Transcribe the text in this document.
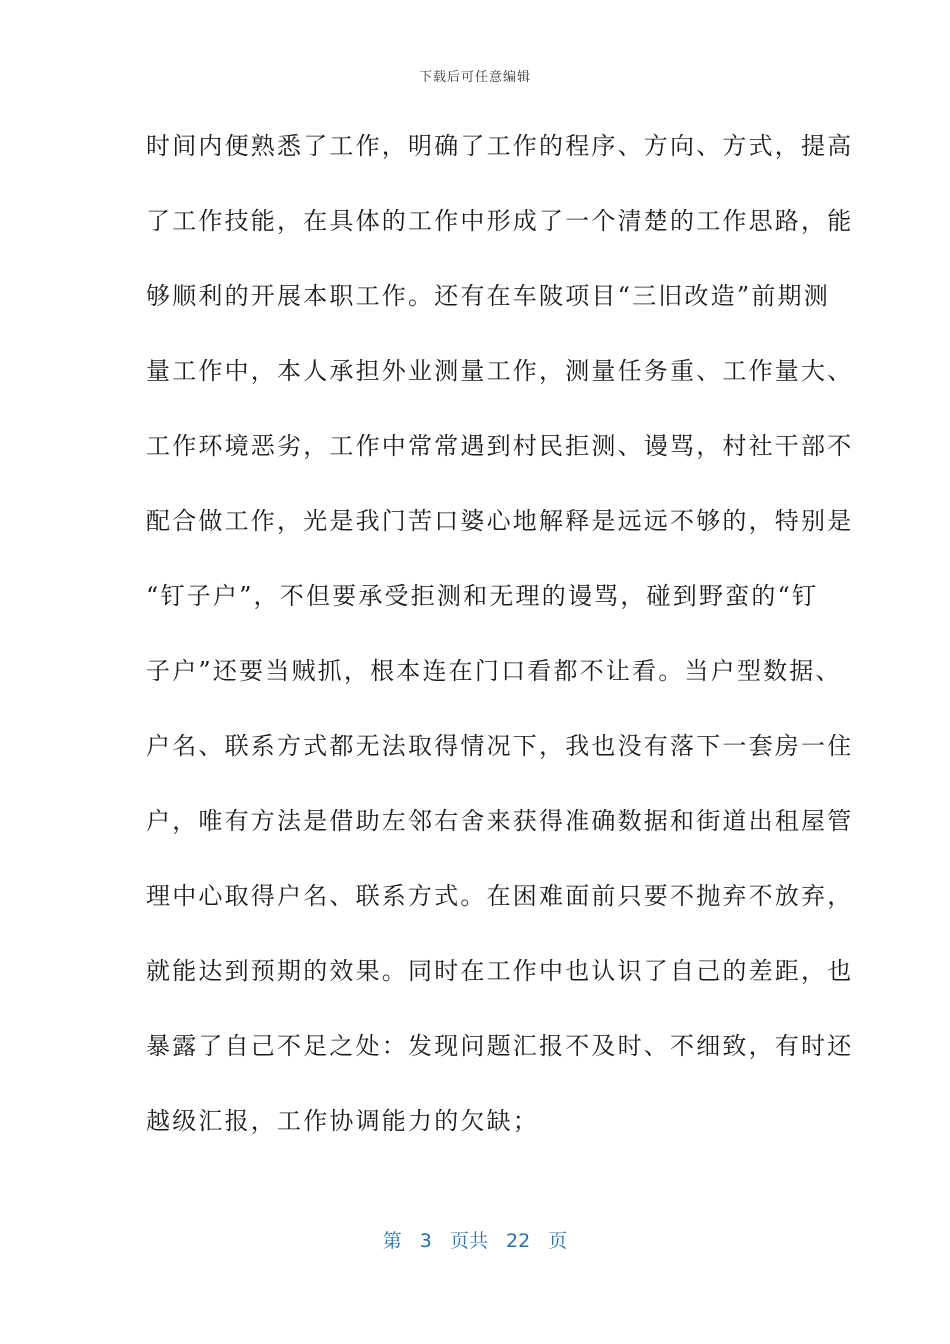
下载后可任意编辑
时间内便熟悉了工作，明确了工作的程序、方向、方式，提高
了工作技能，在具体的工作中形成了一个清楚的工作思路，能
够顺利的开展本职工作。还有在车陂项目“三旧改造”前期测
量工作中，本人承担外业测量工作，测量任务重、工作量大、
工作环境恶劣，工作中常常遇到村民拒测、谩骂，村社干部不
配合做工作，光是我门苦口婆心地解释是远远不够的，特别是
“钉子户”，不但要承受拒测和无理的谩骂，碰到野蛮的“钉
子户”还要当贼抓，根本连在门口看都不让看。当户型数据、
户名、联系方式都无法取得情况下，我也没有落下一套房一住
户，唯有方法是借助左邻右舍来获得准确数据和街道出租屋管
理中心取得户名、联系方式。在困难面前只要不抛弃不放弃，
就能达到预期的效果。同时在工作中也认识了自己的差距，也
暴露了自己不足之处：发现问题汇报不及时、不细致，有时还
越级汇报，工作协调能力的欠缺；
第 3 页共 22 页
